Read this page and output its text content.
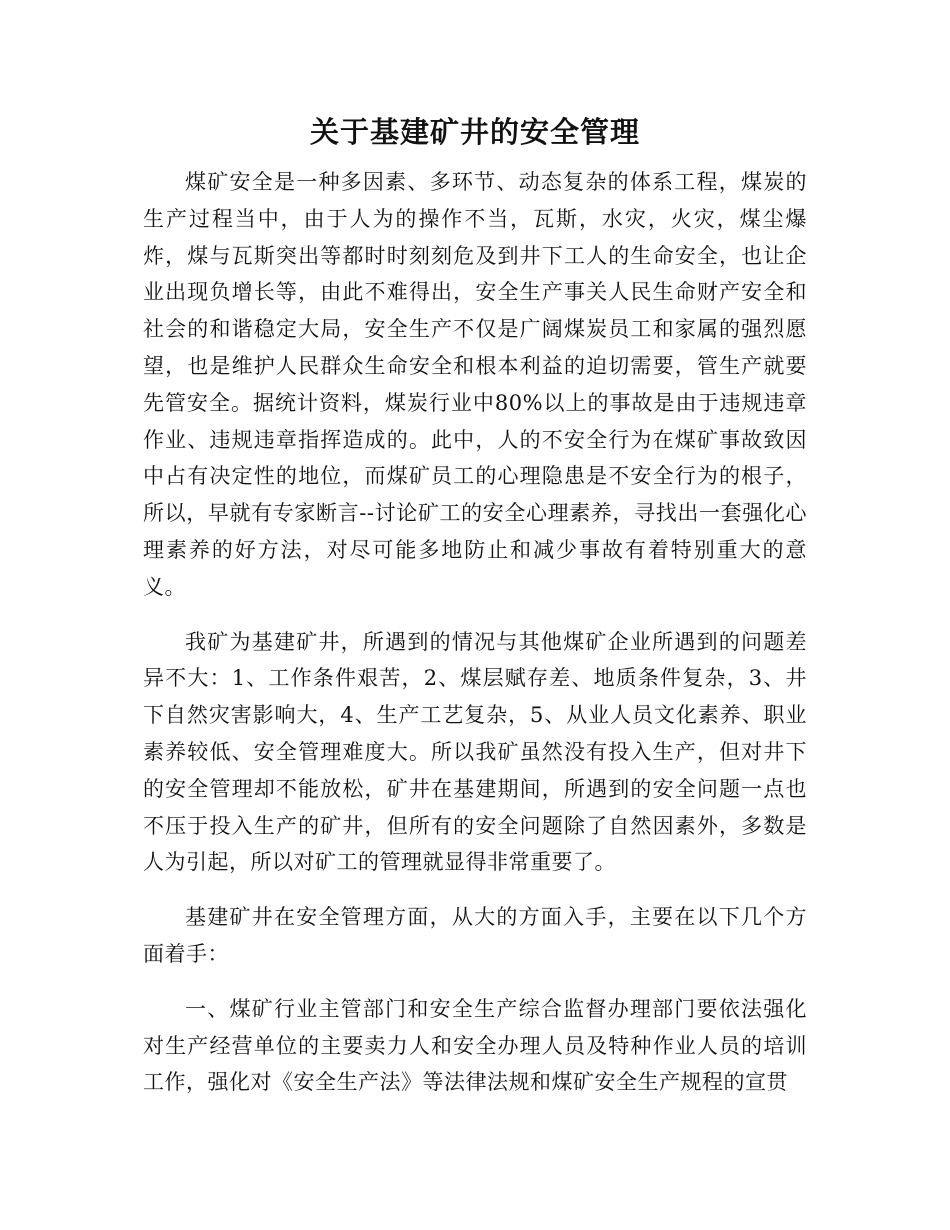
关于基建矿井的安全管理

煤矿安全是一种多因素、多环节、动态复杂的体系工程，煤炭的生产过程当中，由于人为的操作不当，瓦斯，水灾，火灾，煤尘爆炸，煤与瓦斯突出等都时时刻刻危及到井下工人的生命安全，也让企业出现负增长等，由此不难得出，安全生产事关人民生命财产安全和社会的和谐稳定大局，安全生产不仅是广阔煤炭员工和家属的强烈愿望，也是维护人民群众生命安全和根本利益的迫切需要，管生产就要先管安全。据统计资料，煤炭行业中80%以上的事故是由于违规违章作业、违规违章指挥造成的。此中，人的不安全行为在煤矿事故致因中占有决定性的地位，而煤矿员工的心理隐患是不安全行为的根子，所以，早就有专家断言--讨论矿工的安全心理素养，寻找出一套强化心理素养的好方法，对尽可能多地防止和减少事故有着特别重大的意义。

我矿为基建矿井，所遇到的情况与其他煤矿企业所遇到的问题差异不大：1、工作条件艰苦，2、煤层赋存差、地质条件复杂，3、井下自然灾害影响大，4、生产工艺复杂，5、从业人员文化素养、职业素养较低、安全管理难度大。所以我矿虽然没有投入生产，但对井下的安全管理却不能放松，矿井在基建期间，所遇到的安全问题一点也不压于投入生产的矿井，但所有的安全问题除了自然因素外，多数是人为引起，所以对矿工的管理就显得非常重要了。

基建矿井在安全管理方面，从大的方面入手，主要在以下几个方面着手：

一、煤矿行业主管部门和安全生产综合监督办理部门要依法强化对生产经营单位的主要卖力人和安全办理人员及特种作业人员的培训工作，强化对《安全生产法》等法律法规和煤矿安全生产规程的宣贯
